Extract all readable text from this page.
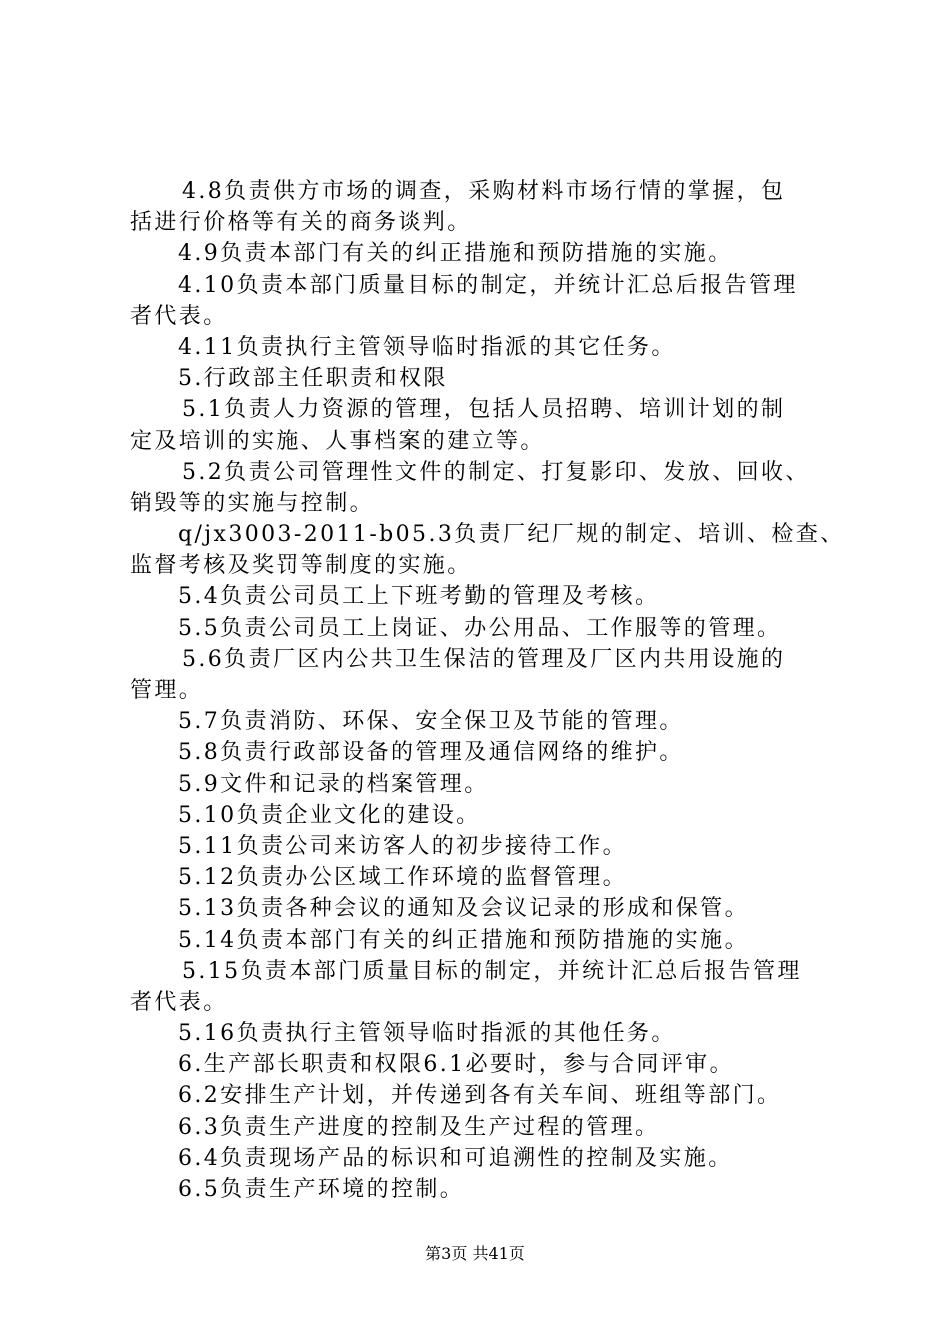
4.8负责供方市场的调查，采购材料市场行情的掌握，包
括进行价格等有关的商务谈判。
4.9负责本部门有关的纠正措施和预防措施的实施。
4.10负责本部门质量目标的制定，并统计汇总后报告管理
者代表。
4.11负责执行主管领导临时指派的其它任务。
5.行政部主任职责和权限
5.1负责人力资源的管理，包括人员招聘、培训计划的制
定及培训的实施、人事档案的建立等。
5.2负责公司管理性文件的制定、打复影印、发放、回收、
销毁等的实施与控制。
q/jx3003-2011-b05.3负责厂纪厂规的制定、培训、检查、
监督考核及奖罚等制度的实施。
5.4负责公司员工上下班考勤的管理及考核。
5.5负责公司员工上岗证、办公用品、工作服等的管理。
5.6负责厂区内公共卫生保洁的管理及厂区内共用设施的
管理。
5.7负责消防、环保、安全保卫及节能的管理。
5.8负责行政部设备的管理及通信网络的维护。
5.9文件和记录的档案管理。
5.10负责企业文化的建设。
5.11负责公司来访客人的初步接待工作。
5.12负责办公区域工作环境的监督管理。
5.13负责各种会议的通知及会议记录的形成和保管。
5.14负责本部门有关的纠正措施和预防措施的实施。
5.15负责本部门质量目标的制定，并统计汇总后报告管理
者代表。
5.16负责执行主管领导临时指派的其他任务。
6.生产部长职责和权限6.1必要时，参与合同评审。
6.2安排生产计划，并传递到各有关车间、班组等部门。
6.3负责生产进度的控制及生产过程的管理。
6.4负责现场产品的标识和可追溯性的控制及实施。
6.5负责生产环境的控制。
第3页 共41页
